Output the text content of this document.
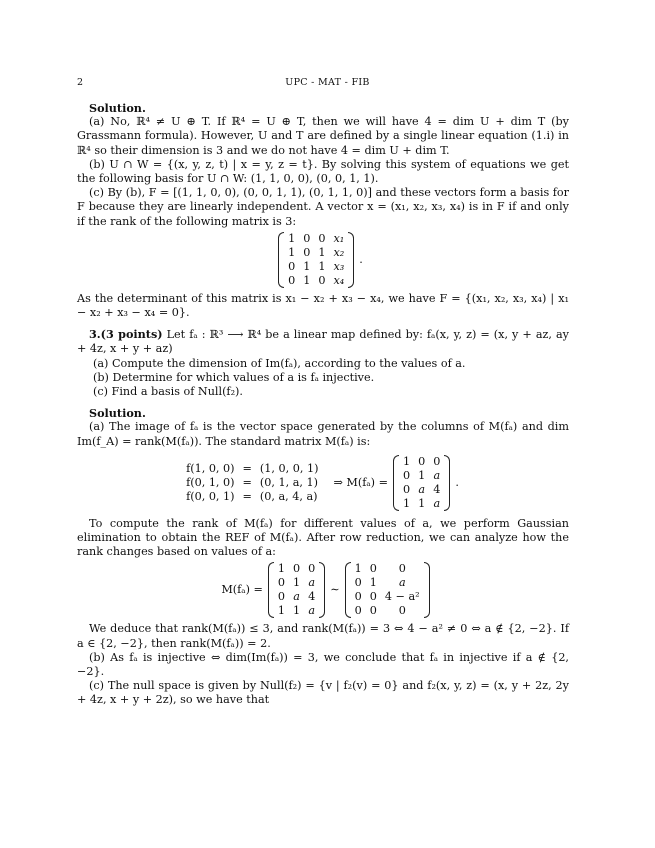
2	UPC - MAT - FIB

Solution.

(a) No, ℝ⁴ ≠ U ⊕ T. If ℝ⁴ = U ⊕ T, then we will have 4 = dim U + dim T (by Grassmann formula). However, U and T are defined by a single linear equation (1.i) in ℝ⁴ so their dimension is 3 and we do not have 4 = dim U + dim T.

(b) U ∩ W = {(x, y, z, t) | x = y, z = t}. By solving this system of equations we get the following basis for U ∩ W: (1, 1, 0, 0), (0, 0, 1, 1).

(c) By (b), F = [(1, 1, 0, 0), (0, 0, 1, 1), (0, 1, 1, 0)] and these vectors form a basis for F because they are linearly independent. A vector x = (x₁, x₂, x₃, x₄) is in F if and only if the rank of the following matrix is 3:

1	0	0	x₁
1	0	1	x₂
0	1	1	x₃
0	1	0	x₄
.

As the determinant of this matrix is x₁ − x₂ + x₃ − x₄, we have F = {(x₁, x₂, x₃, x₄) | x₁ − x₂ + x₃ − x₄ = 0}.

3.(3 points) Let fₐ : ℝ³ ⟶ ℝ⁴ be a linear map defined by: fₐ(x, y, z) = (x, y + az, ay + 4z, x + y + az)

(a) Compute the dimension of Im(fₐ), according to the values of a.

(b) Determine for which values of a is fₐ injective.

(c) Find a basis of Null(f₂).

Solution.

(a) The image of fₐ is the vector space generated by the columns of M(fₐ) and dim Im(f_A) = rank(M(fₐ)). The standard matrix M(fₐ) is:

f(1, 0, 0)	=	(1, 0, 0, 1)
f(0, 1, 0)	=	(0, 1, a, 1)
f(0, 0, 1)	=	(0, a, 4, a)
⇒ M(fₐ) =
1	0	0
0	1	a
0	a	4
1	1	a
.

To compute the rank of M(fₐ) for different values of a, we perform Gaussian elimination to obtain the REF of M(fₐ). After row reduction, we can analyze how the rank changes based on values of a:

M(fₐ) =
1	0	0
0	1	a
0	a	4
1	1	a
∼
1	0	0
0	1	a
0	0	4 − a²
0	0	0

We deduce that rank(M(fₐ)) ≤ 3, and rank(M(fₐ)) = 3 ⇔ 4 − a² ≠ 0 ⇔ a ∉ {2, −2}. If a ∈ {2, −2}, then rank(M(fₐ)) = 2.

(b) As fₐ is injective ⇔ dim(Im(fₐ)) = 3, we conclude that fₐ in injective if a ∉ {2, −2}.

(c) The null space is given by Null(f₂) = {v | f₂(v) = 0} and f₂(x, y, z) = (x, y + 2z, 2y + 4z, x + y + 2z), so we have that
